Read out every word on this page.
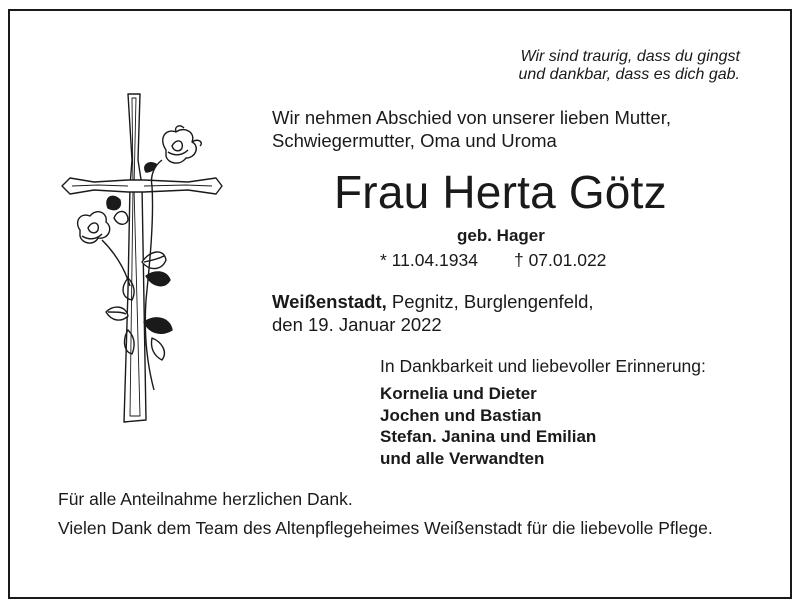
Wir sind traurig, dass du gingst
und dankbar, dass es dich gab.
Wir nehmen Abschied von unserer lieben Mutter,
Schwiegermutter, Oma und Uroma
Frau Herta Götz
geb. Hager
* 11.04.1934 † 07.01.022
Weißenstadt, Pegnitz, Burglengenfeld,
den 19. Januar 2022
In Dankbarkeit und liebevoller Erinnerung:
Kornelia und Dieter
Jochen und Bastian
Stefan. Janina und Emilian
und alle Verwandten
Für alle Anteilnahme herzlichen Dank.
Vielen Dank dem Team des Altenpflegeheimes Weißenstadt für die liebevolle Pflege.
